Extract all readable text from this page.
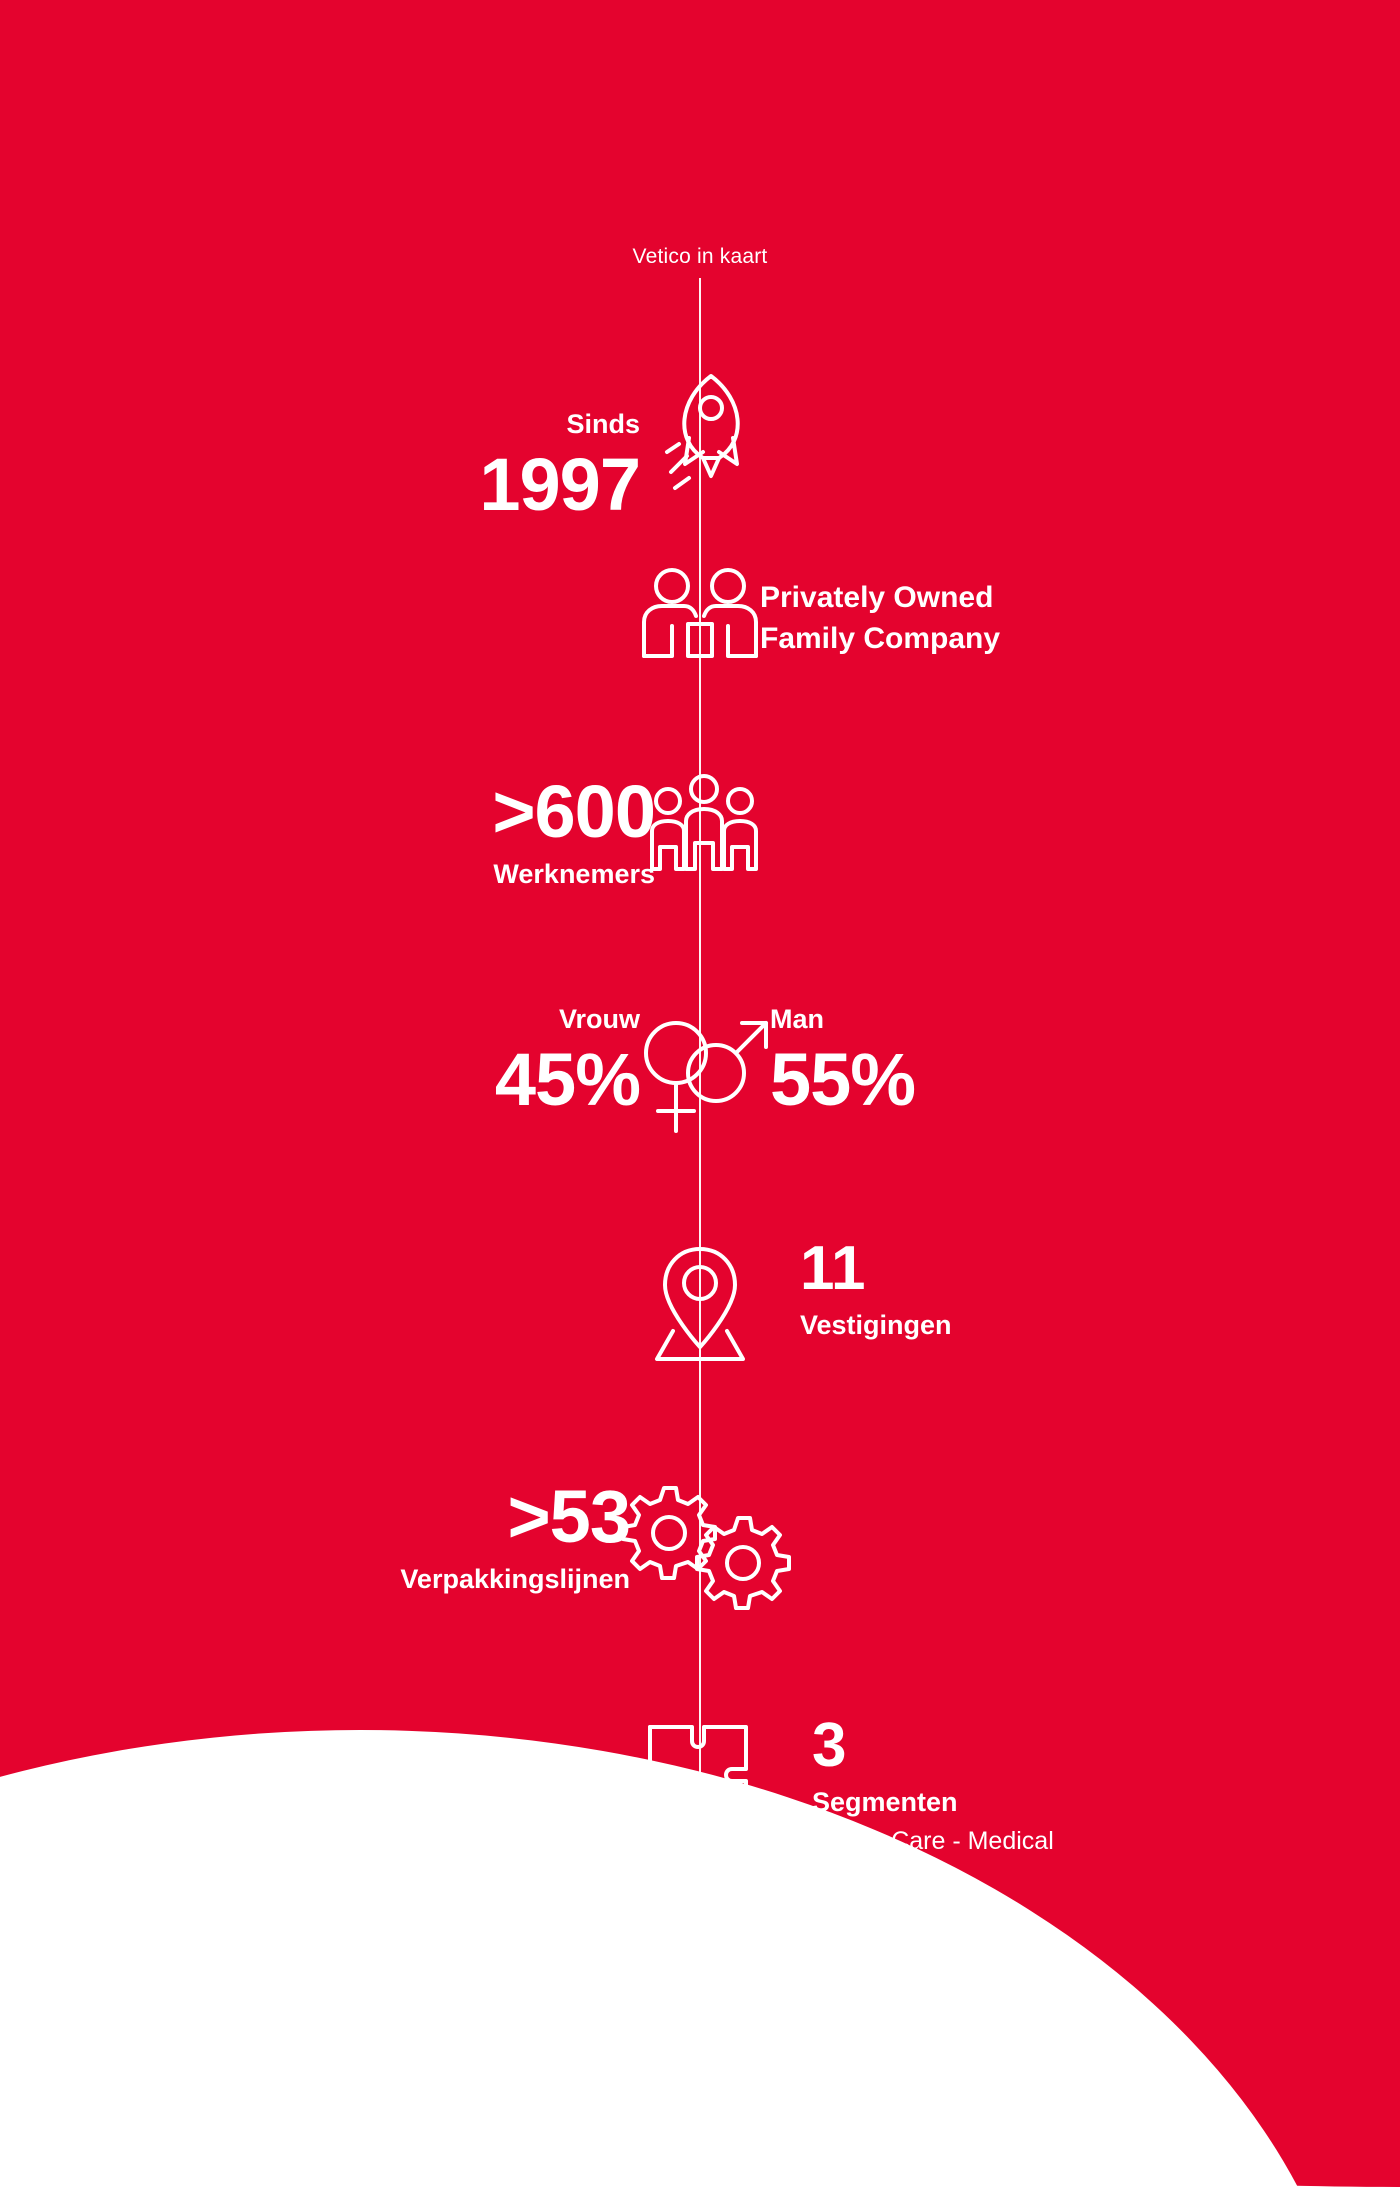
Vetico in kaart
Sinds
1997
Privately Owned
Family Company
>600
Werknemers
Vrouw
45%
Man
55%
11
Vestigingen
>53
Verpakkingslijnen
3
Segmenten
Food - Care - Medical
